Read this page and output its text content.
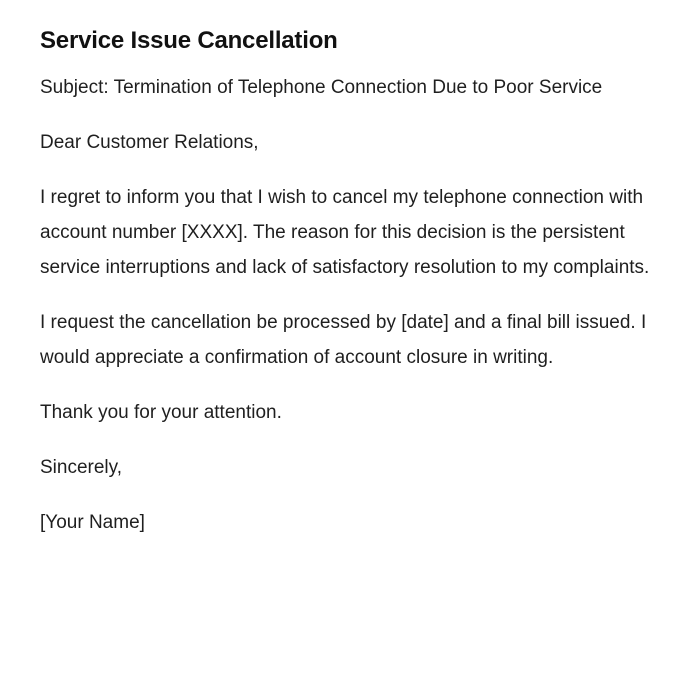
Service Issue Cancellation

Subject: Termination of Telephone Connection Due to Poor Service

Dear Customer Relations,

I regret to inform you that I wish to cancel my telephone connection with account number [XXXX]. The reason for this decision is the persistent service interruptions and lack of satisfactory resolution to my complaints.

I request the cancellation be processed by [date] and a final bill issued. I would appreciate a confirmation of account closure in writing.

Thank you for your attention.

Sincerely,

[Your Name]
